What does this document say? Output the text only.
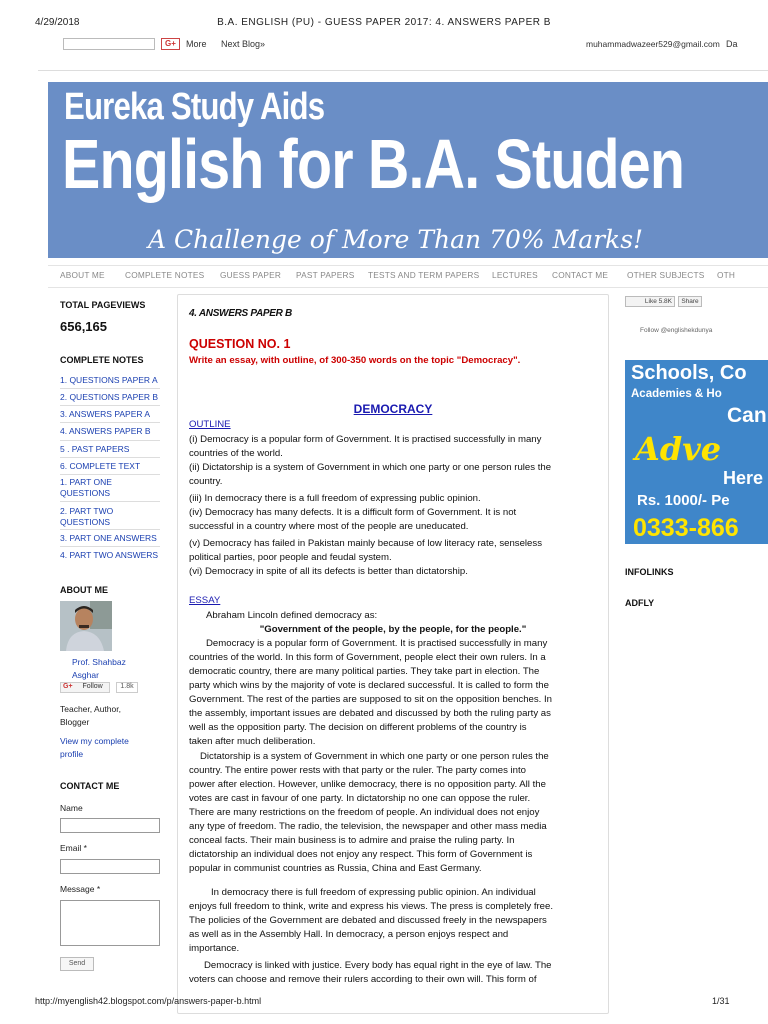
4/29/2018	B.A. ENGLISH (PU) - GUESS PAPER 2017: 4. ANSWERS PAPER B
G+	More Next Blog»	muhammadwazeer529@gmail.com Da
Eureka Study Aids
English for B.A. Studen
A Challenge of More Than 70% Marks!
ABOUT ME COMPLETE NOTES GUESS PAPER PAST PAPERS TESTS AND TERM PAPERS LECTURES CONTACT ME OTHER SUBJECTS OTH
TOTAL PAGEVIEWS
656,165
COMPLETE NOTES
1. QUESTIONS PAPER A
2. QUESTIONS PAPER B
3. ANSWERS PAPER A
4. ANSWERS PAPER B
5 . PAST PAPERS
6. COMPLETE TEXT
1. PART ONE QUESTIONS
2. PART TWO QUESTIONS
3. PART ONE ANSWERS
4. PART TWO ANSWERS
ABOUT ME
Prof. Shahbaz Asghar
G+ Follow	1.8k
Teacher, Author, Blogger
View my complete profile
CONTACT ME
Name
Email *
Message *
Send
4. ANSWERS PAPER B
QUESTION NO. 1
Write an essay, with outline, of 300-350 words on the topic "Democracy".
DEMOCRACY
OUTLINE
(i) Democracy is a popular form of Government. It is practised successfully in many
countries of the world.
(ii) Dictatorship is a system of Government in which one party or one person rules the
country.
(iii) In democracy there is a full freedom of expressing public opinion.
(iv) Democracy has many defects. It is a difficult form of Government. It is not
successful in a country where most of the people are uneducated.
(v) Democracy has failed in Pakistan mainly because of low literacy rate, senseless
political parties, poor people and feudal system.
(vi) Democracy in spite of all its defects is better than dictatorship.
ESSAY
Abraham Lincoln defined democracy as:
"Government of the people, by the people, for the people."
Democracy is a popular form of Government. It is practised successfully in many
countries of the world. In this form of Government, people elect their own rulers. In a
democratic country, there are many political parties. They take part in election. The
party which wins by the majority of vote is declared successful. It is called to form the
Government. The rest of the parties are supposed to sit on the opposition benches. In
the assembly, important issues are debated and discussed by both the ruling party as
well as the opposition party. The decision on different problems of the country is
taken after much deliberation.
Dictatorship is a system of Government in which one party or one person rules the
country. The entire power rests with that party or the ruler. The party comes into
power after election. However, unlike democracy, there is no opposition party. All the
votes are cast in favour of one party. In dictatorship no one can oppose the ruler.
There are many restrictions on the freedom of people. An individual does not enjoy
any type of freedom. The radio, the television, the newspaper and other mass media
conceal facts. Their main business is to admire and praise the ruling party. In
dictatorship an individual does not enjoy any respect. This form of Government is
popular in communist countries as Russia, China and East Germany.
In democracy there is full freedom of expressing public opinion. An individual
enjoys full freedom to think, write and express his views. The press is completely free.
The policies of the Government are debated and discussed freely in the newspapers
as well as in the Assembly Hall. In democracy, a person enjoys respect and
importance.
Democracy is linked with justice. Every body has equal right in the eye of law. The
voters can choose and remove their rulers according to their own will. This form of
Like 5.8K	Share
Follow @englishekdunya
Schools, Co
Academies & Ho
Can
Adve
Here
Rs. 1000/- Pe
0333-866
INFOLINKS
ADFLY
http://myenglish42.blogspot.com/p/answers-paper-b.html	1/31
